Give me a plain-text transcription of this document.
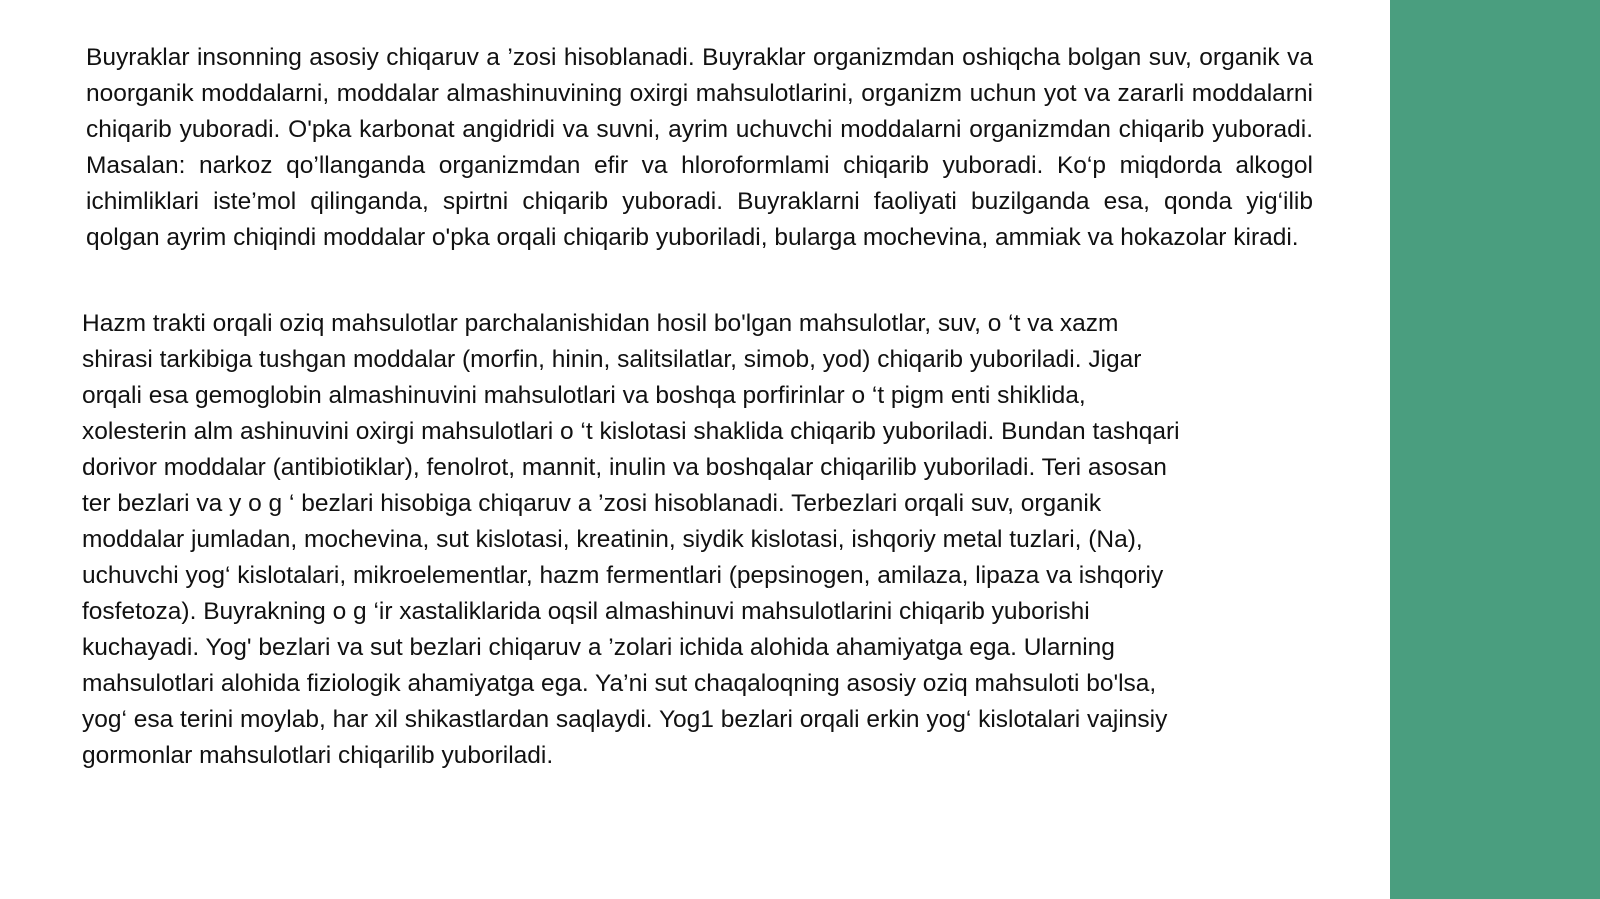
Buyraklar insonning asosiy chiqaruv a ’zosi hisoblanadi. Buyraklar organizmdan oshiqcha bolgan suv, organik va noorganik moddalarni, moddalar almashinuvining oxirgi mahsulotlarini, organizm uchun yot va zararli moddalarni chiqarib yuboradi. O'pka karbonat angidridi va suvni, ayrim uchuvchi moddalarni organizmdan chiqarib yuboradi. Masalan: narkoz qo’llanganda organizmdan efir va hloroformlami chiqarib yuboradi. Ko‘p miqdorda alkogol ichimliklari iste’mol qilinganda, spirtni chiqarib yuboradi. Buyraklarni faoliyati buzilganda esa, qonda yig‘ilib qolgan ayrim chiqindi moddalar o'pka orqali chiqarib yuboriladi, bularga mochevina, ammiak va hokazolar kiradi.

Hazm trakti orqali oziq mahsulotlar parchalanishidan hosil bo'lgan mahsulotlar, suv, o ‘t va xazm
shirasi tarkibiga tushgan moddalar (morfin, hinin, salitsilatlar, simob, yod) chiqarib yuboriladi. Jigar
orqali esa gemoglobin almashinuvini mahsulotlari va boshqa porfirinlar o ‘t pigm enti shiklida,
xolesterin alm ashinuvini oxirgi mahsulotlari o ‘t kislotasi shaklida chiqarib yuboriladi. Bundan tashqari
dorivor moddalar (antibiotiklar), fenolrot, mannit, inulin va boshqalar chiqarilib yuboriladi. Teri asosan
ter bezlari va y o g ‘ bezlari hisobiga chiqaruv a ’zosi hisoblanadi. Terbezlari orqali suv, organik
moddalar jumladan, mochevina, sut kislotasi, kreatinin, siydik kislotasi, ishqoriy metal tuzlari, (Na),
uchuvchi yog‘ kislotalari, mikroelementlar, hazm fermentlari (pepsinogen, amilaza, lipaza va ishqoriy
fosfetoza). Buyrakning o g ‘ir xastaliklarida oqsil almashinuvi mahsulotlarini chiqarib yuborishi
kuchayadi. Yog' bezlari va sut bezlari chiqaruv a ’zolari ichida alohida ahamiyatga ega. Ularning
mahsulotlari alohida fiziologik ahamiyatga ega. Ya’ni sut chaqaloqning asosiy oziq mahsuloti bo'lsa,
yog‘ esa terini moylab, har xil shikastlardan saqlaydi. Yog1 bezlari orqali erkin yog‘ kislotalari vajinsiy
gormonlar mahsulotlari chiqarilib yuboriladi.
